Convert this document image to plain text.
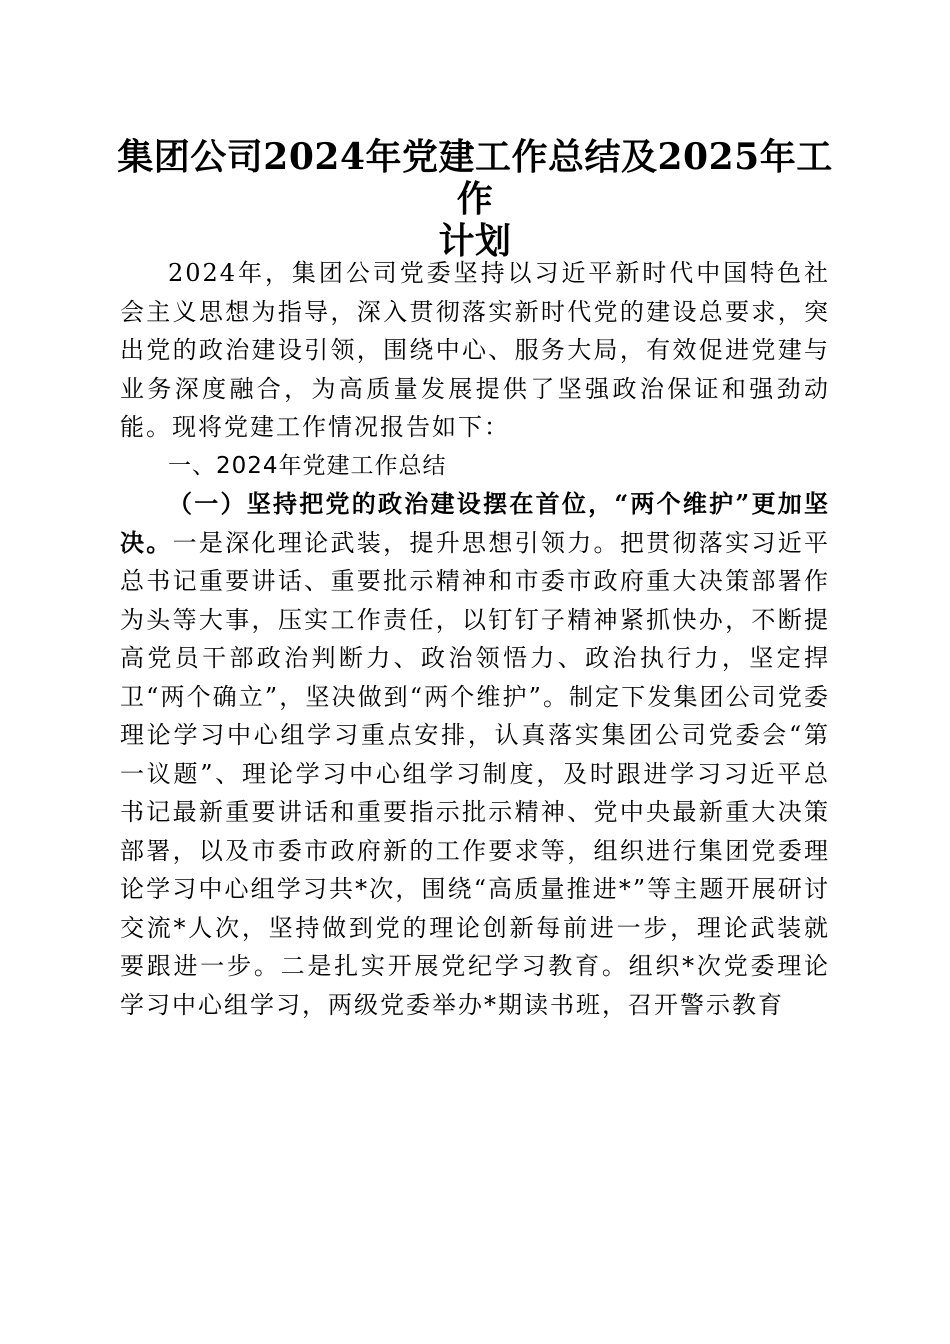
集团公司2024年党建工作总结及2025年工作
计划

2024年，集团公司党委坚持以习近平新时代中国特色社会主义思想为指导，深入贯彻落实新时代党的建设总要求，突出党的政治建设引领，围绕中心、服务大局，有效促进党建与业务深度融合，为高质量发展提供了坚强政治保证和强劲动能。现将党建工作情况报告如下：

一、2024年党建工作总结

（一）坚持把党的政治建设摆在首位，“两个维护”更加坚决。一是深化理论武装，提升思想引领力。把贯彻落实习近平总书记重要讲话、重要批示精神和市委市政府重大决策部署作为头等大事，压实工作责任，以钉钉子精神紧抓快办，不断提高党员干部政治判断力、政治领悟力、政治执行力，坚定捍卫“两个确立”，坚决做到“两个维护”。制定下发集团公司党委理论学习中心组学习重点安排，认真落实集团公司党委会“第一议题”、理论学习中心组学习制度，及时跟进学习习近平总书记最新重要讲话和重要指示批示精神、党中央最新重大决策部署，以及市委市政府新的工作要求等，组织进行集团党委理论学习中心组学习共*次，围绕“高质量推进*”等主题开展研讨交流*人次，坚持做到党的理论创新每前进一步，理论武装就要跟进一步。二是扎实开展党纪学习教育。组织*次党委理论学习中心组学习，两级党委举办*期读书班，召开警示教育
